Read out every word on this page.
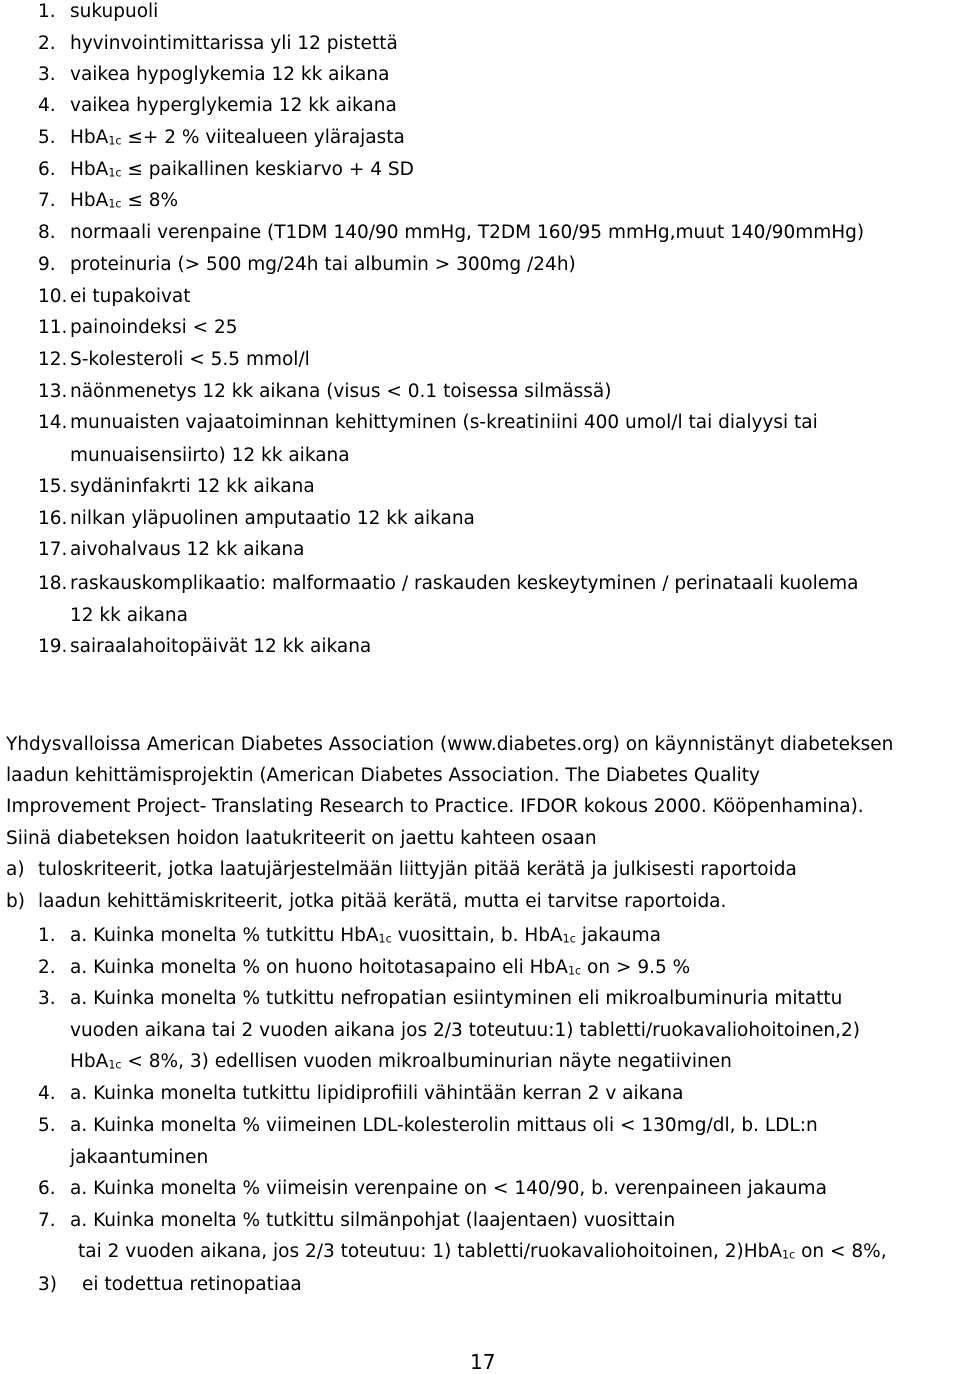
1. sukupuoli
2. hyvinvointimittarissa yli 12 pistettä
3. vaikea hypoglykemia 12 kk aikana
4. vaikea hyperglykemia 12 kk aikana
5. HbA$_{1c}$ ≤+ 2 % viitealueen ylärajasta
6. HbA$_{1c}$ ≤ paikallinen keskiarvo + 4 SD
7. HbA$_{1c}$ ≤ 8%
8. normaali verenpaine (T1DM 140/90 mmHg, T2DM 160/95 mmHg,muut 140/90mmHg)
9. proteinuria (> 500 mg/24h tai albumin > 300mg /24h)
10. ei tupakoivat
11. painoindeksi < 25
12. S-kolesteroli < 5.5 mmol/l
13. näönmenetys 12 kk aikana (visus < 0.1 toisessa silmässä)
14. munuaisten vajaatoiminnan kehittyminen (s-kreatiniini 400 umol/l tai dialyysi tai
munuaisensiirto) 12 kk aikana
15. sydäninfakrti 12 kk aikana
16. nilkan yläpuolinen amputaatio 12 kk aikana
17. aivohalvaus 12 kk aikana
18. raskauskomplikaatio: malformaatio / raskauden keskeytyminen / perinataali kuolema
12 kk aikana
19. sairaalahoitopäivät 12 kk aikana
Yhdysvalloissa American Diabetes Association (www.diabetes.org) on käynnistänyt diabeteksen
laadun kehittämisprojektin (American Diabetes Association. The Diabetes Quality
Improvement Project- Translating Research to Practice. IFDOR kokous 2000. Kööpenhamina).
Siinä diabeteksen hoidon laatukriteerit on jaettu kahteen osaan
a) tuloskriteerit, jotka laatujärjestelmään liittyjän pitää kerätä ja julkisesti raportoida
b) laadun kehittämiskriteerit, jotka pitää kerätä, mutta ei tarvitse raportoida.
1. a. Kuinka monelta % tutkittu HbA$_{1c}$ vuosittain, b. HbA$_{1c}$ jakauma
2. a. Kuinka monelta % on huono hoitotasapaino eli HbA$_{1c}$ on > 9.5 %
3. a. Kuinka monelta % tutkittu nefropatian esiintyminen eli mikroalbuminuria mitattu
vuoden aikana tai 2 vuoden aikana jos 2/3 toteutuu:1) tabletti/ruokavaliohoitoinen,2)
HbA$_{1c}$ < 8%, 3) edellisen vuoden mikroalbuminurian näyte negatiivinen
4. a. Kuinka monelta tutkittu lipidiprofiili vähintään kerran 2 v aikana
5. a. Kuinka monelta % viimeinen LDL-kolesterolin mittaus oli < 130mg/dl, b. LDL:n
jakaantuminen
6. a. Kuinka monelta % viimeisin verenpaine on < 140/90, b. verenpaineen jakauma
7. a. Kuinka monelta % tutkittu silmänpohjat (laajentaen) vuosittain
tai 2 vuoden aikana, jos 2/3 toteutuu: 1) tabletti/ruokavaliohoitoinen, 2)HbA$_{1c}$ on < 8%,
3) ei todettua retinopatiaa
17
